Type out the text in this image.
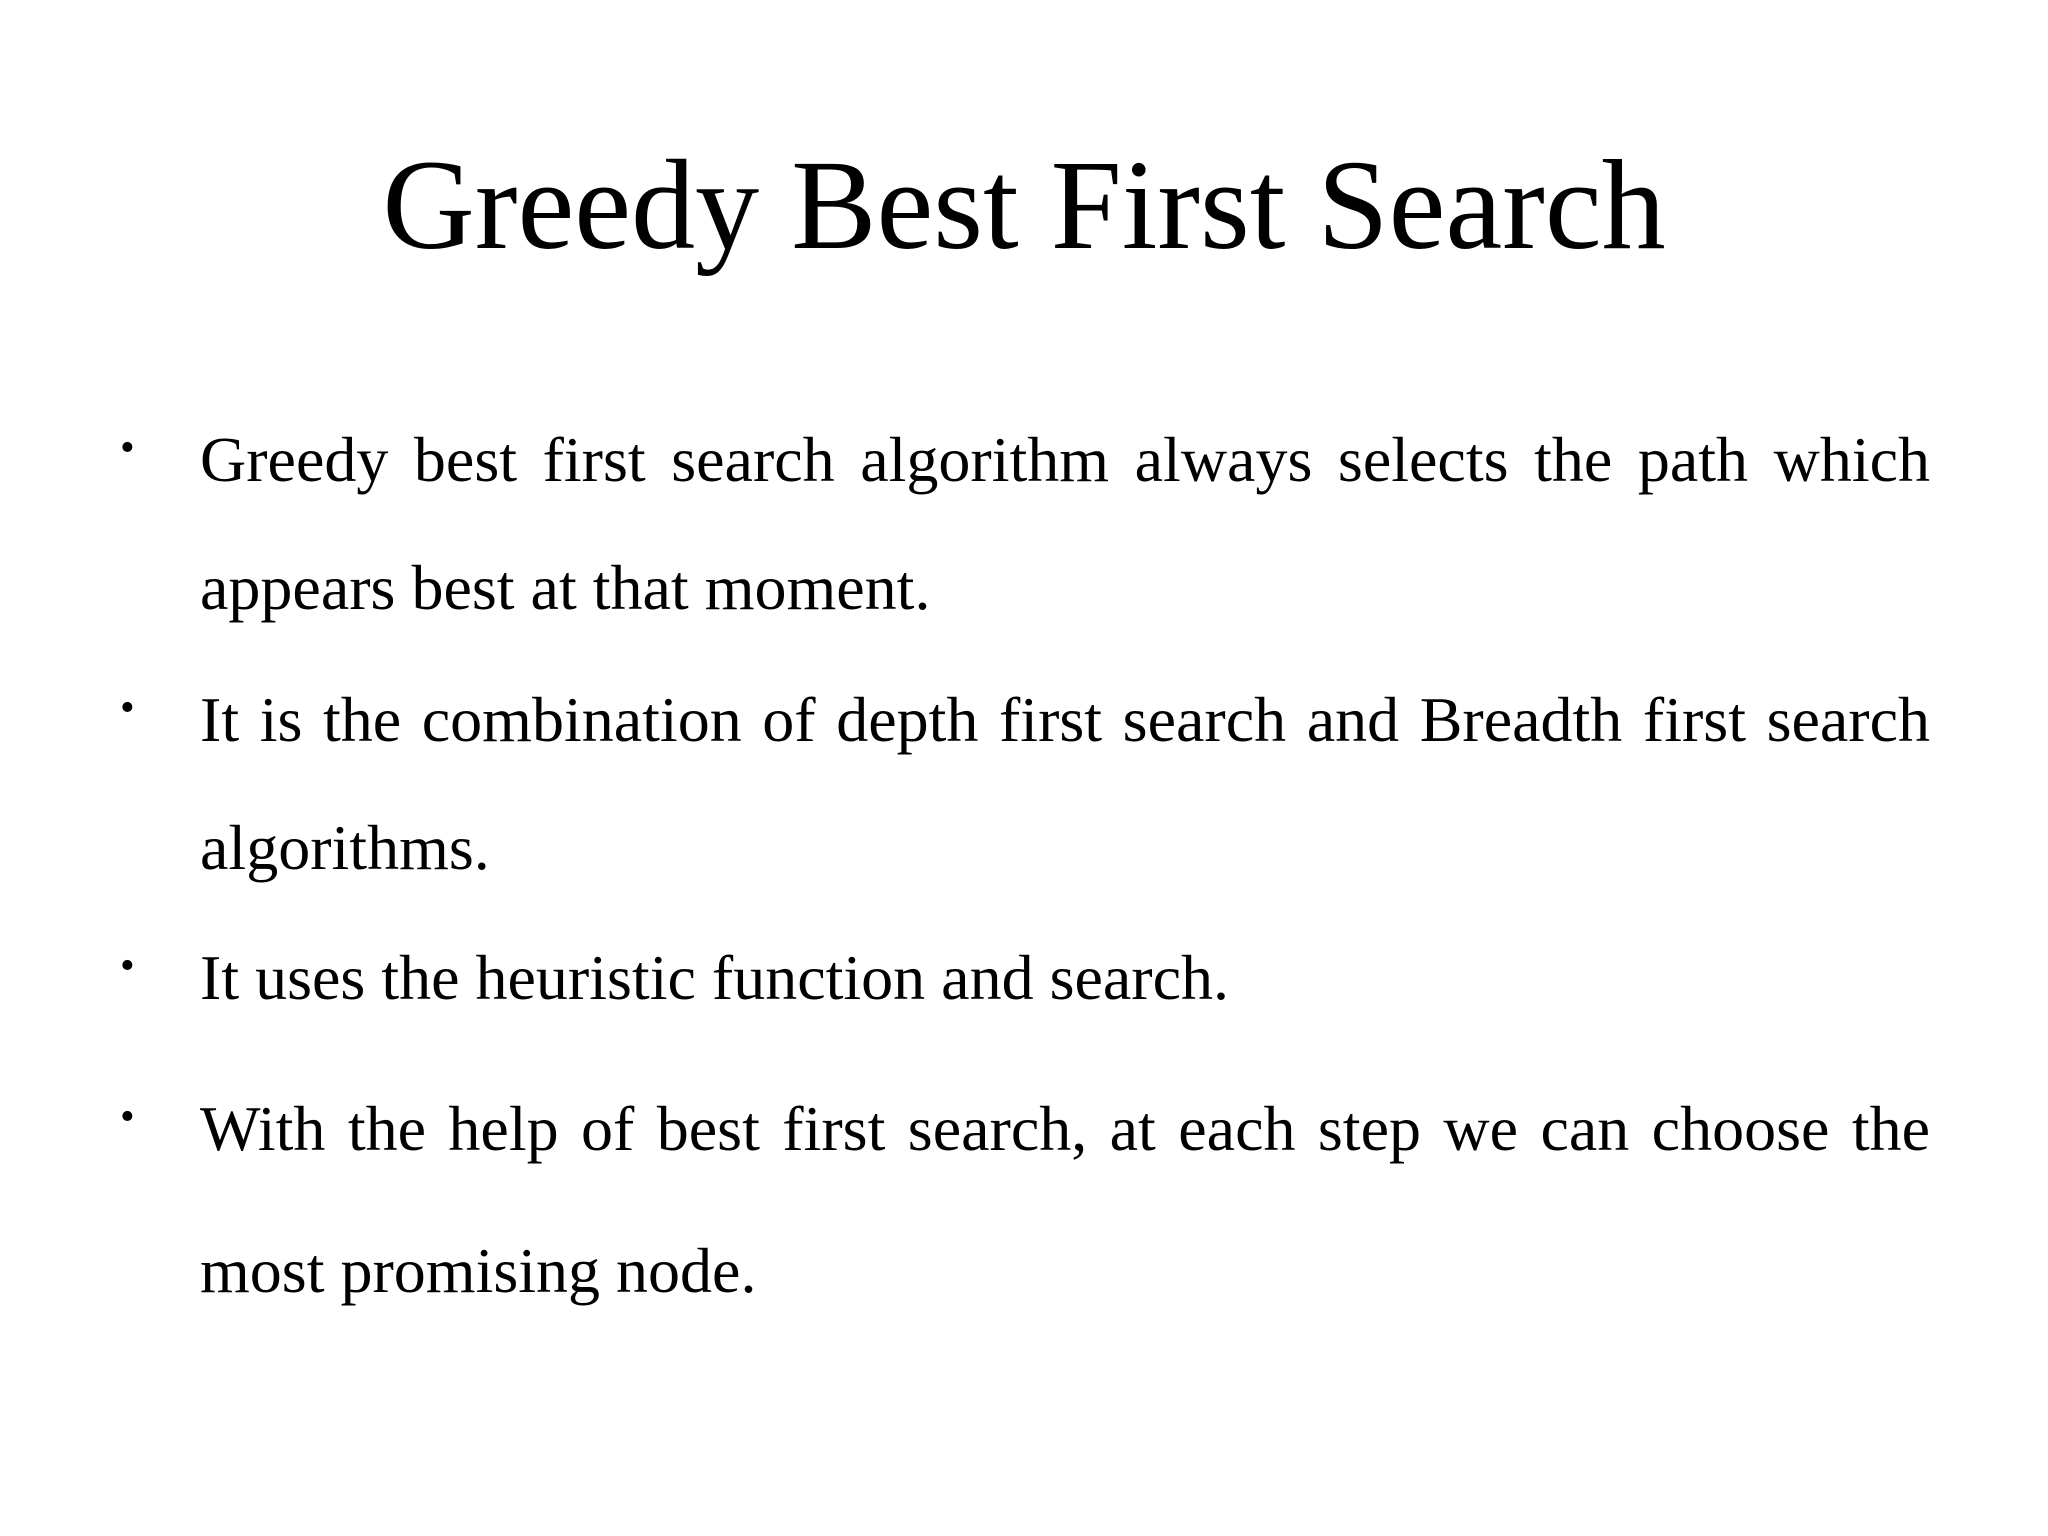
Greedy Best First Search
• Greedy best first search algorithm always selects the path which appears best at that moment.
• It is the combination of depth first search and Breadth first search algorithms.
• It uses the heuristic function and search.
• With the help of best first search, at each step we can choose the most promising node.
